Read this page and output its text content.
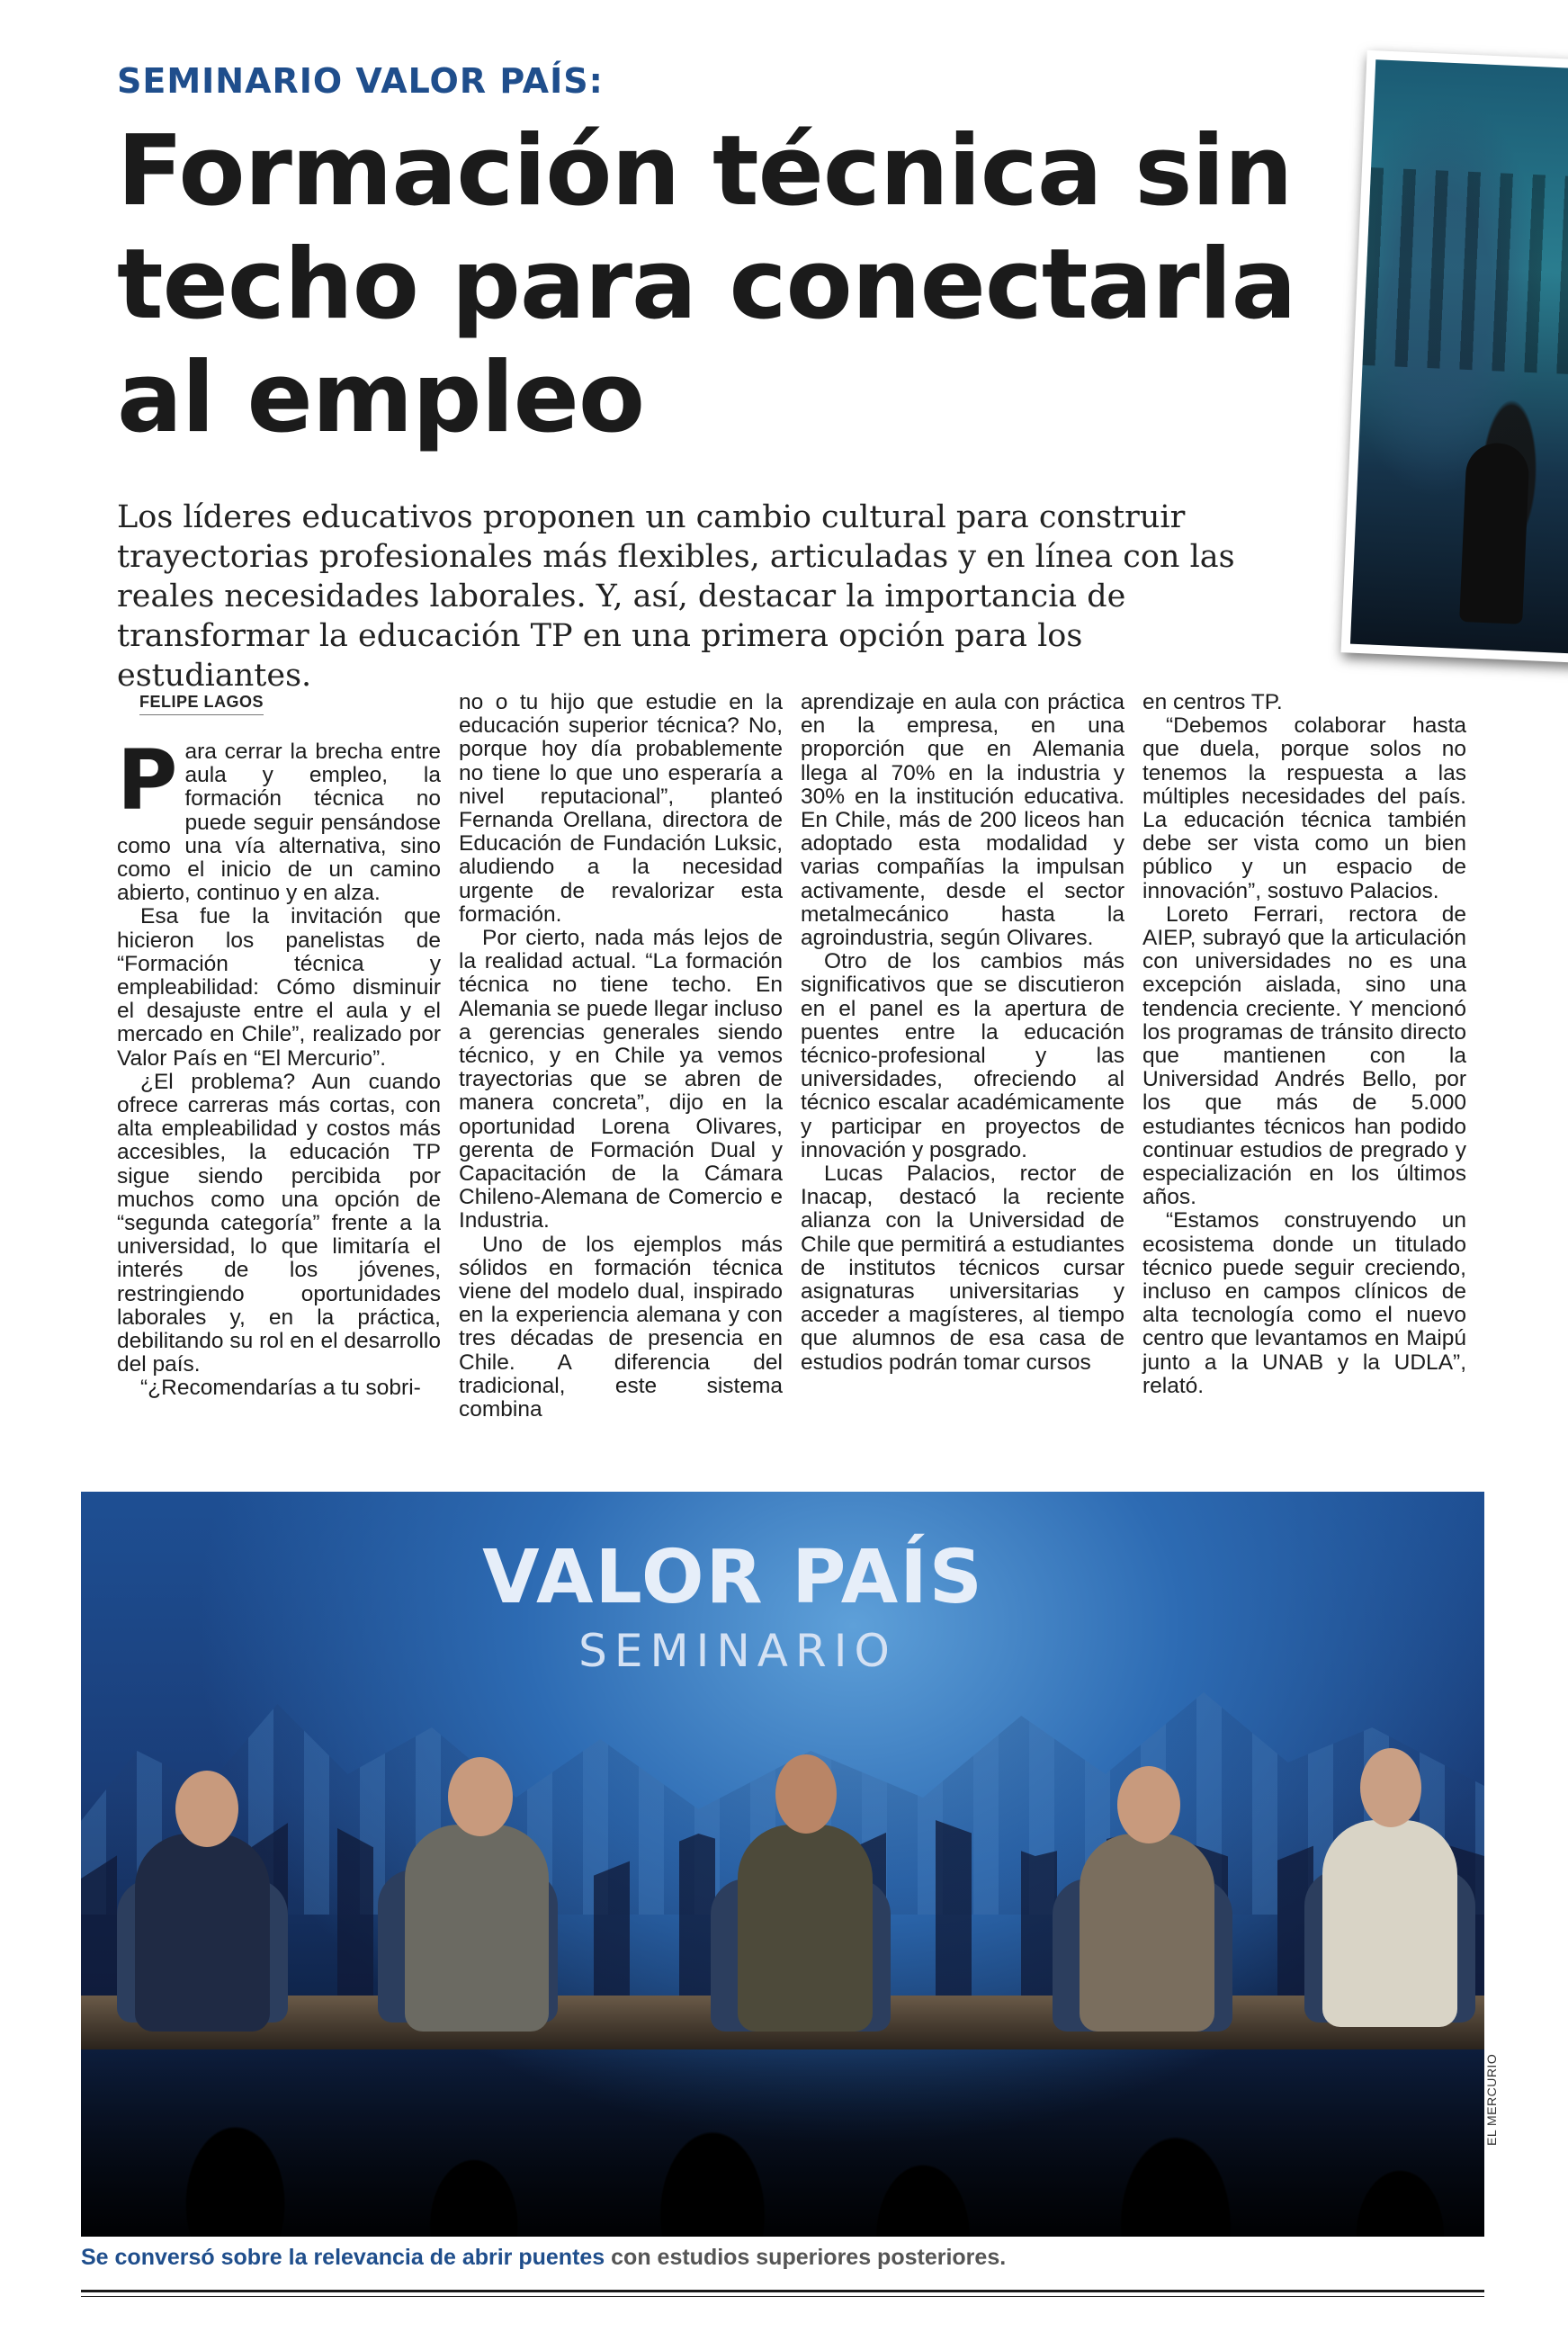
SEMINARIO VALOR PAÍS:
Formación técnica sin techo para conectarla al empleo

Los líderes educativos proponen un cambio cultural para construir trayectorias profesionales más flexibles, articuladas y en línea con las reales necesidades laborales. Y, así, destacar la importancia de transformar la educación TP en una primera opción para los estudiantes.

FELIPE LAGOS

Para cerrar la brecha entre aula y empleo, la formación técnica no puede seguir pensándose como una vía alternativa, sino como el inicio de un camino abierto, continuo y en alza.

Esa fue la invitación que hicieron los panelistas de “Formación técnica y empleabilidad: Cómo disminuir el desajuste entre el aula y el mercado en Chile”, realizado por Valor País en “El Mercurio”.

¿El problema? Aun cuando ofrece carreras más cortas, con alta empleabilidad y costos más accesibles, la educación TP sigue siendo percibida por muchos como una opción de “segunda categoría” frente a la universidad, lo que limitaría el interés de los jóvenes, restringiendo oportunidades laborales y, en la práctica, debilitando su rol en el desarrollo del país.

“¿Recomendarías a tu sobri-

no o tu hijo que estudie en la educación superior técnica? No, porque hoy día probablemente no tiene lo que uno esperaría a nivel reputacional”, planteó Fernanda Orellana, directora de Educación de Fundación Luksic, aludiendo a la necesidad urgente de revalorizar esta formación.

Por cierto, nada más lejos de la realidad actual. “La formación técnica no tiene techo. En Alemania se puede llegar incluso a gerencias generales siendo técnico, y en Chile ya vemos trayectorias que se abren de manera concreta”, dijo en la oportunidad Lorena Olivares, gerenta de Formación Dual y Capacitación de la Cámara Chileno-Alemana de Comercio e Industria.

Uno de los ejemplos más sólidos en formación técnica viene del modelo dual, inspirado en la experiencia alemana y con tres décadas de presencia en Chile. A diferencia del tradicional, este sistema combina

aprendizaje en aula con práctica en la empresa, en una proporción que en Alemania llega al 70% en la industria y 30% en la institución educativa. En Chile, más de 200 liceos han adoptado esta modalidad y varias compañías la impulsan activamente, desde el sector metalmecánico hasta la agroindustria, según Olivares.

Otro de los cambios más significativos que se discutieron en el panel es la apertura de puentes entre la educación técnico-profesional y las universidades, ofreciendo al técnico escalar académicamente y participar en proyectos de innovación y posgrado.

Lucas Palacios, rector de Inacap, destacó la reciente alianza con la Universidad de Chile que permitirá a estudiantes de institutos técnicos cursar asignaturas universitarias y acceder a magísteres, al tiempo que alumnos de esa casa de estudios podrán tomar cursos

en centros TP.

“Debemos colaborar hasta que duela, porque solos no tenemos la respuesta a las múltiples necesidades del país. La educación técnica también debe ser vista como un bien público y un espacio de innovación”, sostuvo Palacios.

Loreto Ferrari, rectora de AIEP, subrayó que la articulación con universidades no es una excepción aislada, sino una tendencia creciente. Y mencionó los programas de tránsito directo que mantienen con la Universidad Andrés Bello, por los que más de 5.000 estudiantes técnicos han podido continuar estudios de pregrado y especialización en los últimos años.

“Estamos construyendo un ecosistema donde un titulado técnico puede seguir creciendo, incluso en campos clínicos de alta tecnología como el nuevo centro que levantamos en Maipú junto a la UNAB y la UDLA”, relató.

VALOR PAÍS
SEMINARIO
EL MERCURIO
Se conversó sobre la relevancia de abrir puentes con estudios superiores posteriores.
